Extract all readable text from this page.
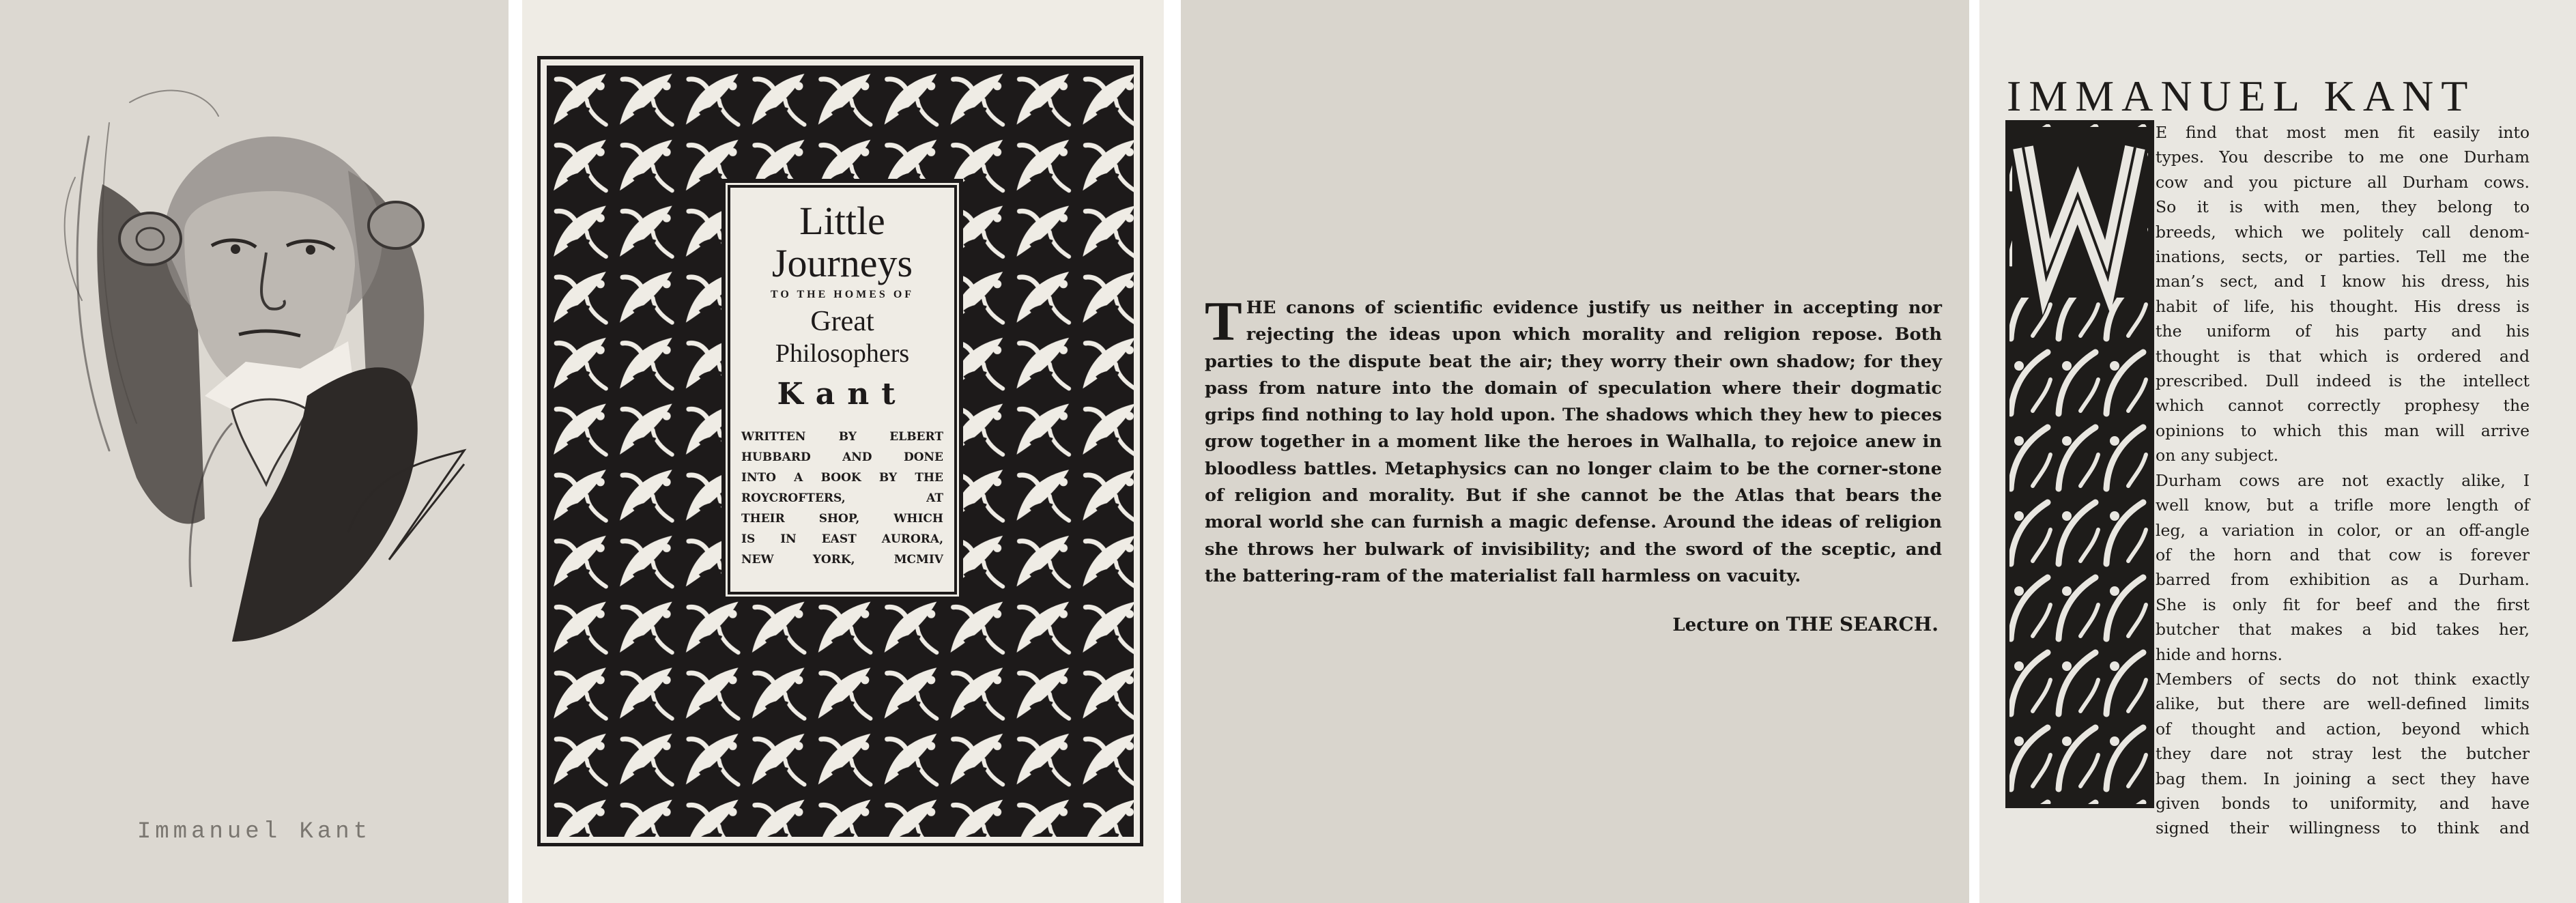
Immanuel Kant
Little
Journeys
TO THE HOMES OF
Great
Philosophers
Kant
WRITTEN BY ELBERT
HUBBARD AND DONE
INTO A BOOK BY THE
ROYCROFTERS, AT
THEIR SHOP, WHICH
IS IN EAST AURORA,
NEW YORK, MCMIV
THE canons of scientific evidence justify us neither in accepting nor rejecting the ideas upon which morality and religion repose. Both parties to the dispute beat the air; they worry their own shadow; for they pass from nature into the domain of speculation where their dogmatic grips find nothing to lay hold upon. The shadows which they hew to pieces grow together in a moment like the heroes in Walhalla, to rejoice anew in bloodless battles. Metaphysics can no longer claim to be the corner-stone of religion and morality. But if she cannot be the Atlas that bears the moral world she can furnish a magic defense. Around the ideas of religion she throws her bulwark of invisibility; and the sword of the sceptic, and the battering-ram of the materialist fall harmless on vacuity.
Lecture on THE SEARCH.
IMMANUEL KANT
E find that most men fit easily into
types. You describe to me one Durham
cow and you picture all Durham cows.
So it is with men, they belong to
breeds, which we politely call denom-
inations, sects, or parties. Tell me the
man’s sect, and I know his dress, his
habit of life, his thought. His dress is
the uniform of his party and his
thought is that which is ordered and
prescribed. Dull indeed is the intellect
which cannot correctly prophesy the
opinions to which this man will arrive
on any subject.
Durham cows are not exactly alike, I
well know, but a trifle more length of
leg, a variation in color, or an off-angle
of the horn and that cow is forever
barred from exhibition as a Durham.
She is only fit for beef and the first
butcher that makes a bid takes her,
hide and horns.
Members of sects do not think exactly
alike, but there are well-defined limits
of thought and action, beyond which
they dare not stray lest the butcher
bag them. In joining a sect they have
given bonds to uniformity, and have
signed their willingness to think and
